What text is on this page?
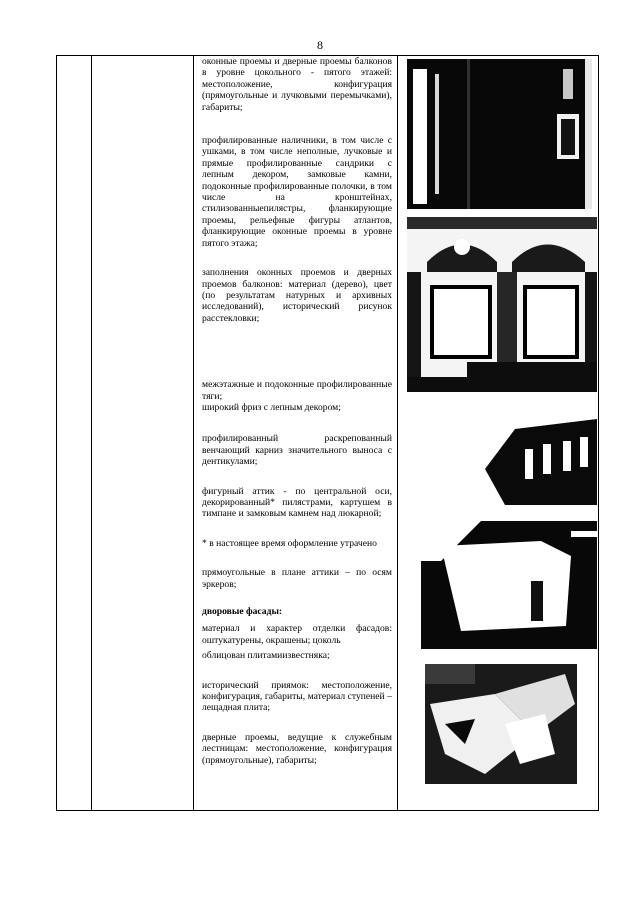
8

оконные проемы и дверные проемы балконов в уровне цокольного - пятого этажей: местоположение, конфигурация (прямоугольные и лучковыми перемычками), габариты;

профилированные наличники, в том числе с ушками, в том числе неполные, лучковые и прямые профилированные сандрики с лепным декором, замковые камни, подоконные профилированные полочки, в том числе на кронштейнах, стилизованныепилястры, фланкирующие проемы, рельефные фигуры атлантов, фланкирующие оконные проемы в уровне пятого этажа;

заполнения оконных проемов и дверных проемов балконов: материал (дерево), цвет (по результатам натурных и архивных исследований), исторический рисунок расстекловки;

межэтажные и подоконные профилированные тяги;

широкий фриз с лепным декором;

профилированный раскрепованный венчающий карниз значительного выноса с дентикулами;

фигурный аттик - по центральной оси, декорированный* пилястрами, картушем в тимпане и замковым камнем над люкарной;

* в настоящее время оформление утрачено

прямоугольные в плане аттики – по осям эркеров;

дворовые фасады:

материал и характер отделки фасадов: оштукатурены, окрашены; цоколь

облицован плитамиизвестняка;

исторический приямок: местоположение, конфигурация, габариты, материал ступеней – лещадная плита;

дверные проемы, ведущие к служебным лестницам: местоположение, конфигурация (прямоугольные), габариты;
